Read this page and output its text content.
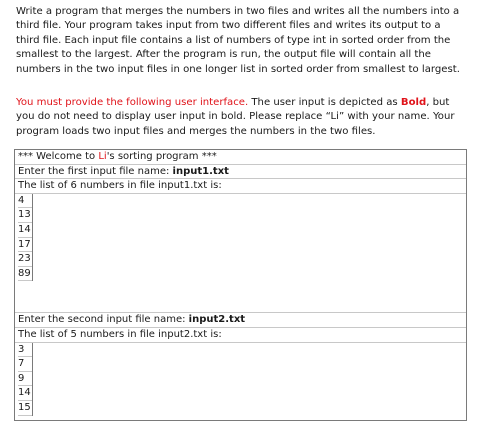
Write a program that merges the numbers in two files and writes all the numbers into a
third file. Your program takes input from two different files and writes its output to a
third file. Each input file contains a list of numbers of type int in sorted order from the
smallest to the largest. After the program is run, the output file will contain all the
numbers in the two input files in one longer list in sorted order from smallest to largest.
You must provide the following user interface. The user input is depicted as Bold, but
you do not need to display user input in bold. Please replace “Li” with your name. Your
program loads two input files and merges the numbers in the two files.
*** Welcome to Li's sorting program ***
Enter the first input file name: input1.txt
The list of 6 numbers in file input1.txt is:
4
13
14
17
23
89
Enter the second input file name: input2.txt
The list of 5 numbers in file input2.txt is:
3
7
9
14
15
